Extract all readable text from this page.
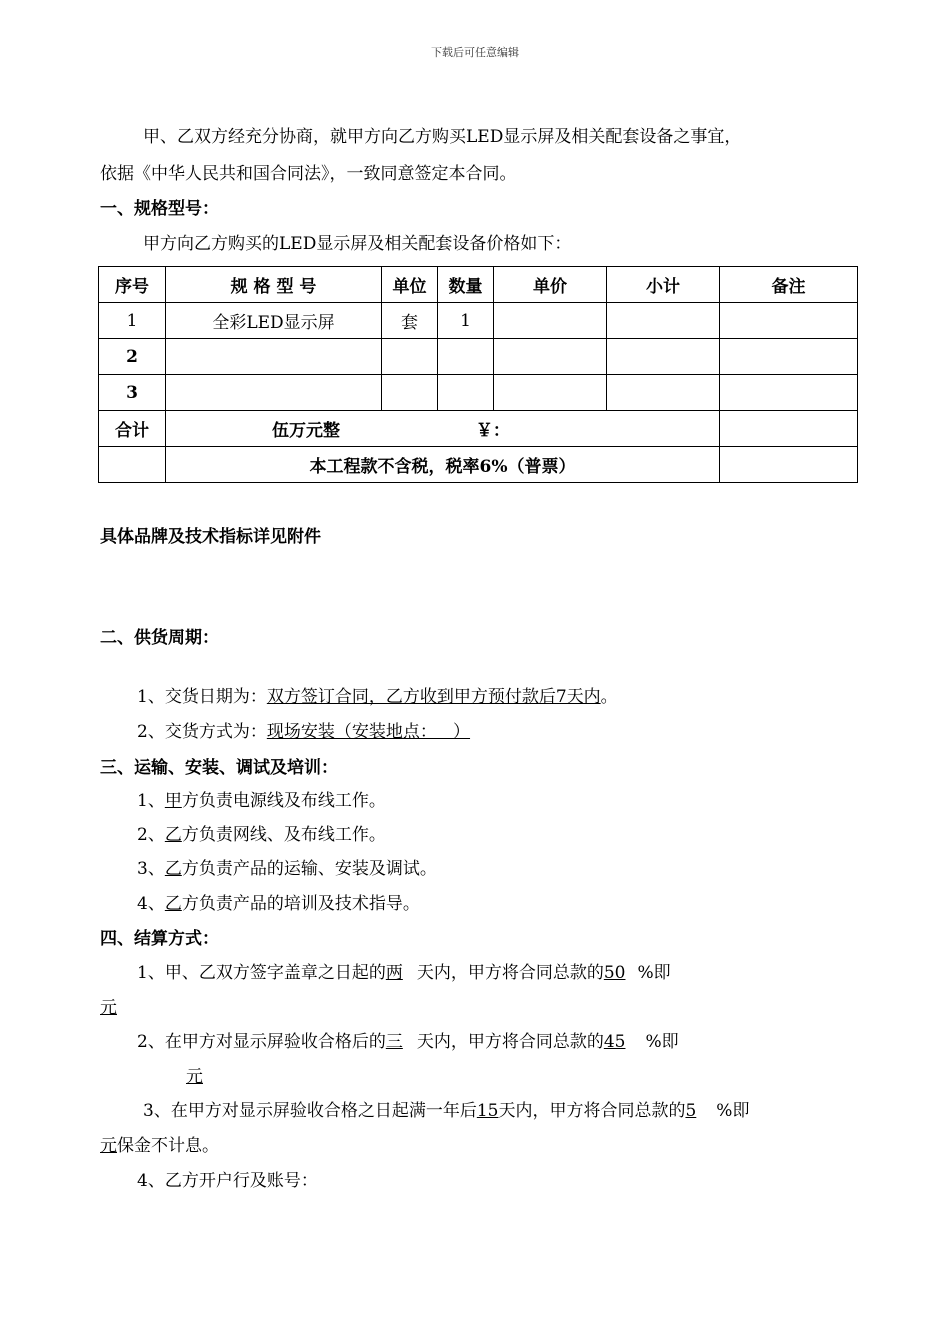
下载后可任意编辑
甲、乙双方经充分协商，就甲方向乙方购买LED显示屏及相关配套设备之事宜，
依据《中华人民共和国合同法》，一致同意签定本合同。
一、规格型号：
甲方向乙方购买的LED显示屏及相关配套设备价格如下：
序号	规 格 型 号	单位	数量	单价	小计	备注
1	全彩LED显示屏	套	1			
2						
3						
合计	伍万元整 ￥：					
	本工程款不含税，税率6%（普票）					
具体品牌及技术指标详见附件
二、供货周期：
1、交货日期为：双方签订合同，乙方收到甲方预付款后7天内。
2、交货方式为：现场安装（安装地点：   ）
三、运输、安装、调试及培训：
1、甲方负责电源线及布线工作。
2、乙方负责网线、及布线工作。
3、乙方负责产品的运输、安装及调试。
4、乙方负责产品的培训及技术指导。
四、结算方式：
1、甲、乙双方签字盖章之日起的两 天内，甲方将合同总款的50 %即
元
2、在甲方对显示屏验收合格后的三 天内，甲方将合同总款的45 %即
元
3、在甲方对显示屏验收合格之日起满一年后15天内，甲方将合同总款的5 %即
元保金不计息。
4、乙方开户行及账号：
